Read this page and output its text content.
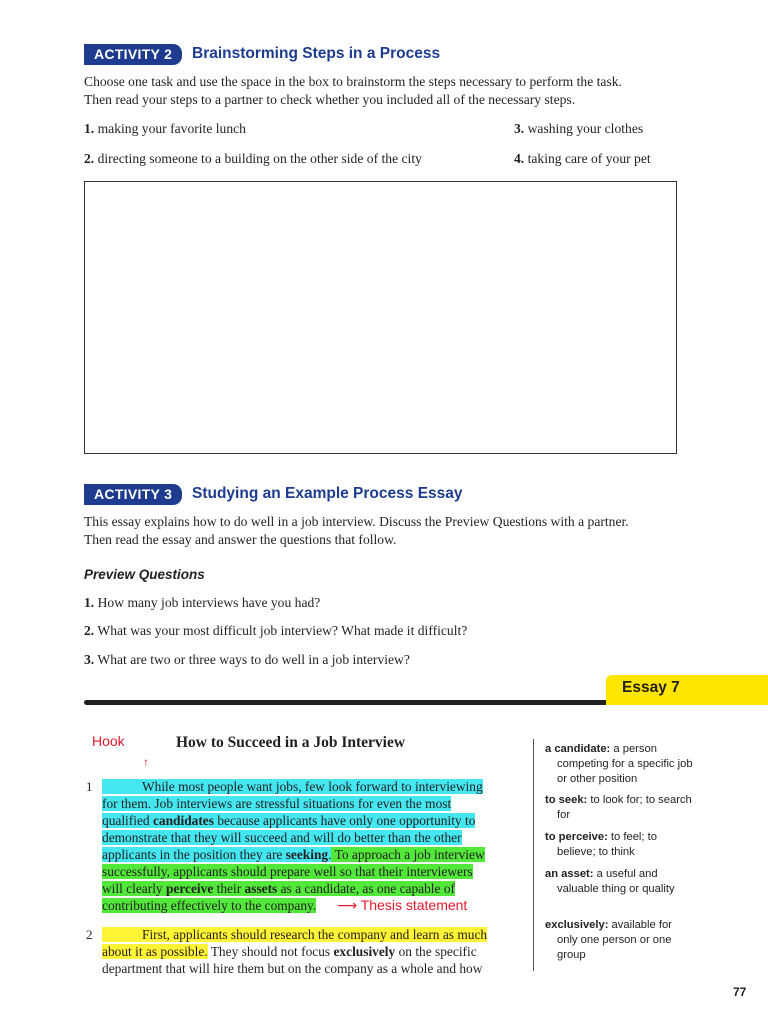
ACTIVITY 2	Brainstorming Steps in a Process
Choose one task and use the space in the box to brainstorm the steps necessary to perform the task.
Then read your steps to a partner to check whether you included all of the necessary steps.
1. making your favorite lunch
2. directing someone to a building on the other side of the city
3. washing your clothes
4. taking care of your pet
ACTIVITY 3	Studying an Example Process Essay
This essay explains how to do well in a job interview. Discuss the Preview Questions with a partner.
Then read the essay and answer the questions that follow.
Preview Questions
1. How many job interviews have you had?
2. What was your most difficult job interview? What made it difficult?
3. What are two or three ways to do well in a job interview?
Essay 7
Hook
↑
How to Succeed in a Job Interview
1	While most people want jobs, few look forward to interviewing
for them. Job interviews are stressful situations for even the most
qualified candidates because applicants have only one opportunity to
demonstrate that they will succeed and will do better than the other
applicants in the position they are seeking. To approach a job interview
successfully, applicants should prepare well so that their interviewers
will clearly perceive their assets as a candidate, as one capable of
contributing effectively to the company. ⟶ Thesis statement
2	First, applicants should research the company and learn as much
about it as possible. They should not focus exclusively on the specific
department that will hire them but on the company as a whole and how
a candidate: a person competing for a specific job or other position
to seek: to look for; to search for
to perceive: to feel; to believe; to think
an asset: a useful and valuable thing or quality
exclusively: available for only one person or one group
77
